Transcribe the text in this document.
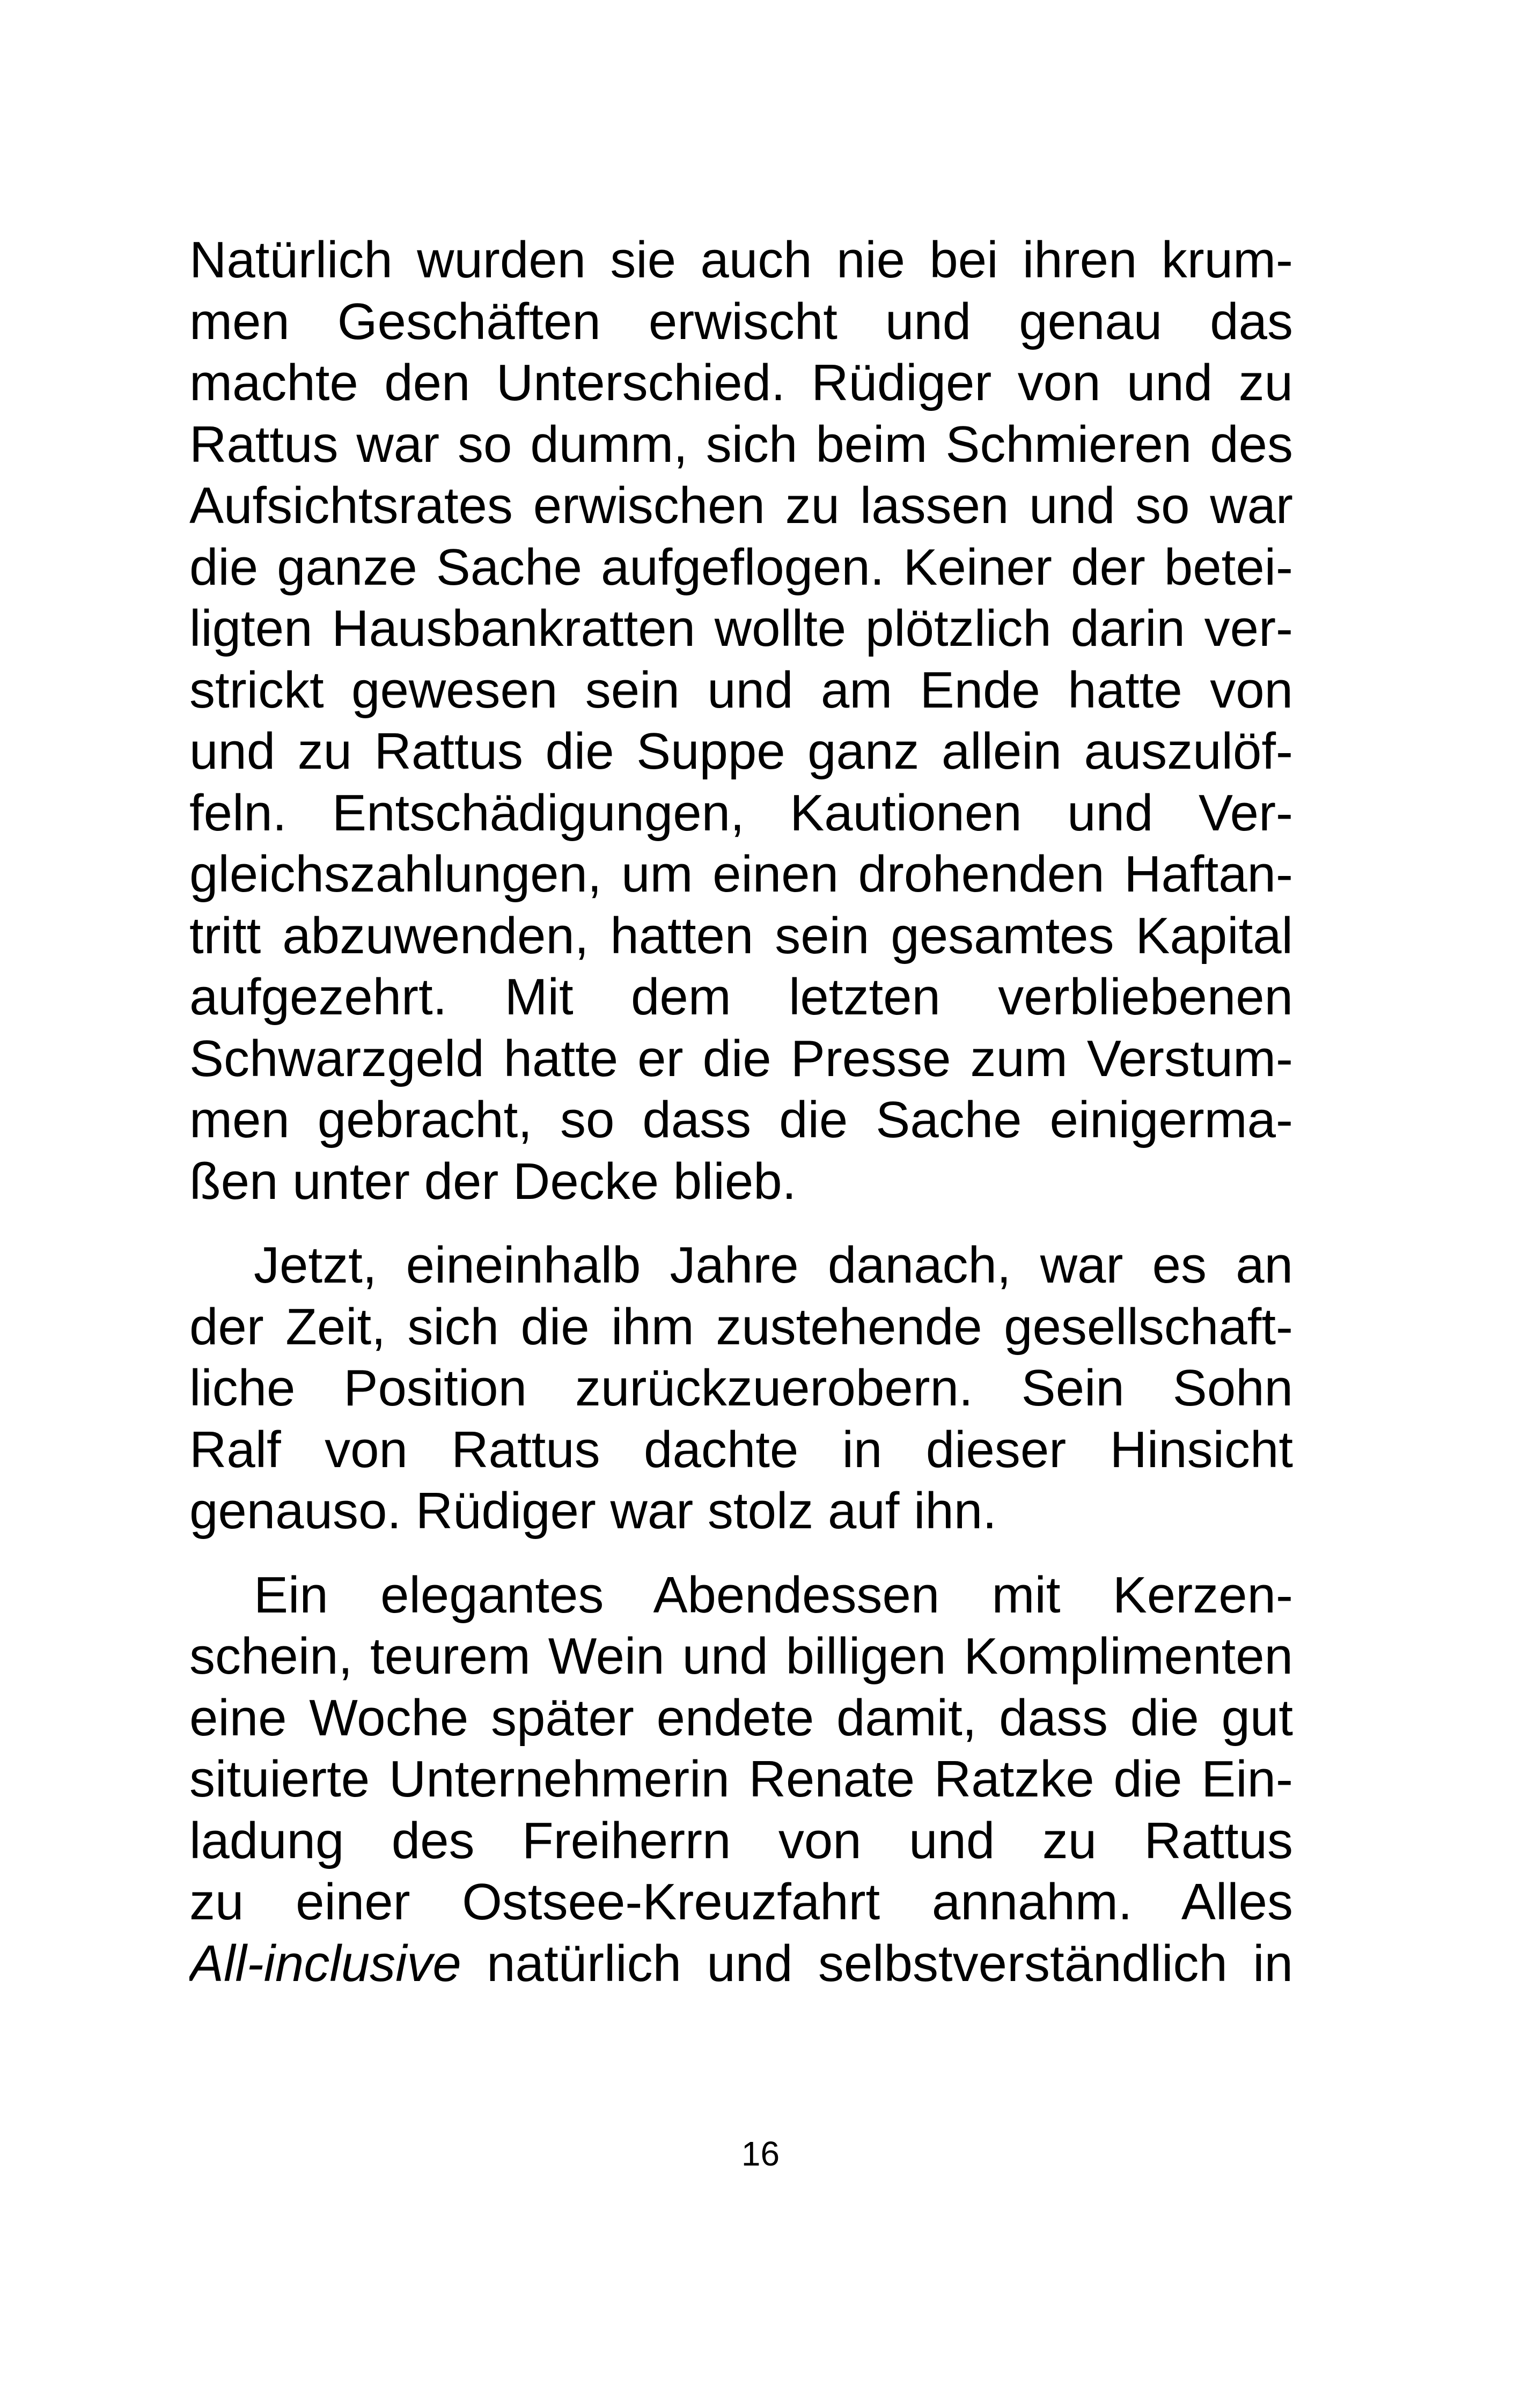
Natürlich wurden sie auch nie bei ihren krum-
men Geschäften erwischt und genau das
machte den Unterschied. Rüdiger von und zu
Rattus war so dumm, sich beim Schmieren des
Aufsichtsrates erwischen zu lassen und so war
die ganze Sache aufgeflogen. Keiner der betei-
ligten Hausbankratten wollte plötzlich darin ver-
strickt gewesen sein und am Ende hatte von
und zu Rattus die Suppe ganz allein auszulöf-
feln. Entschädigungen, Kautionen und Ver-
gleichszahlungen, um einen drohenden Haftan-
tritt abzuwenden, hatten sein gesamtes Kapital
aufgezehrt. Mit dem letzten verbliebenen
Schwarzgeld hatte er die Presse zum Verstum-
men gebracht, so dass die Sache einigerma-
ßen unter der Decke blieb.
Jetzt, eineinhalb Jahre danach, war es an
der Zeit, sich die ihm zustehende gesellschaft-
liche Position zurückzuerobern. Sein Sohn
Ralf von Rattus dachte in dieser Hinsicht
genauso. Rüdiger war stolz auf ihn.
Ein elegantes Abendessen mit Kerzen-
schein, teurem Wein und billigen Komplimenten
eine Woche später endete damit, dass die gut
situierte Unternehmerin Renate Ratzke die Ein-
ladung des Freiherrn von und zu Rattus
zu einer Ostsee-Kreuzfahrt annahm. Alles
All-inclusive natürlich und selbstverständlich in
16
